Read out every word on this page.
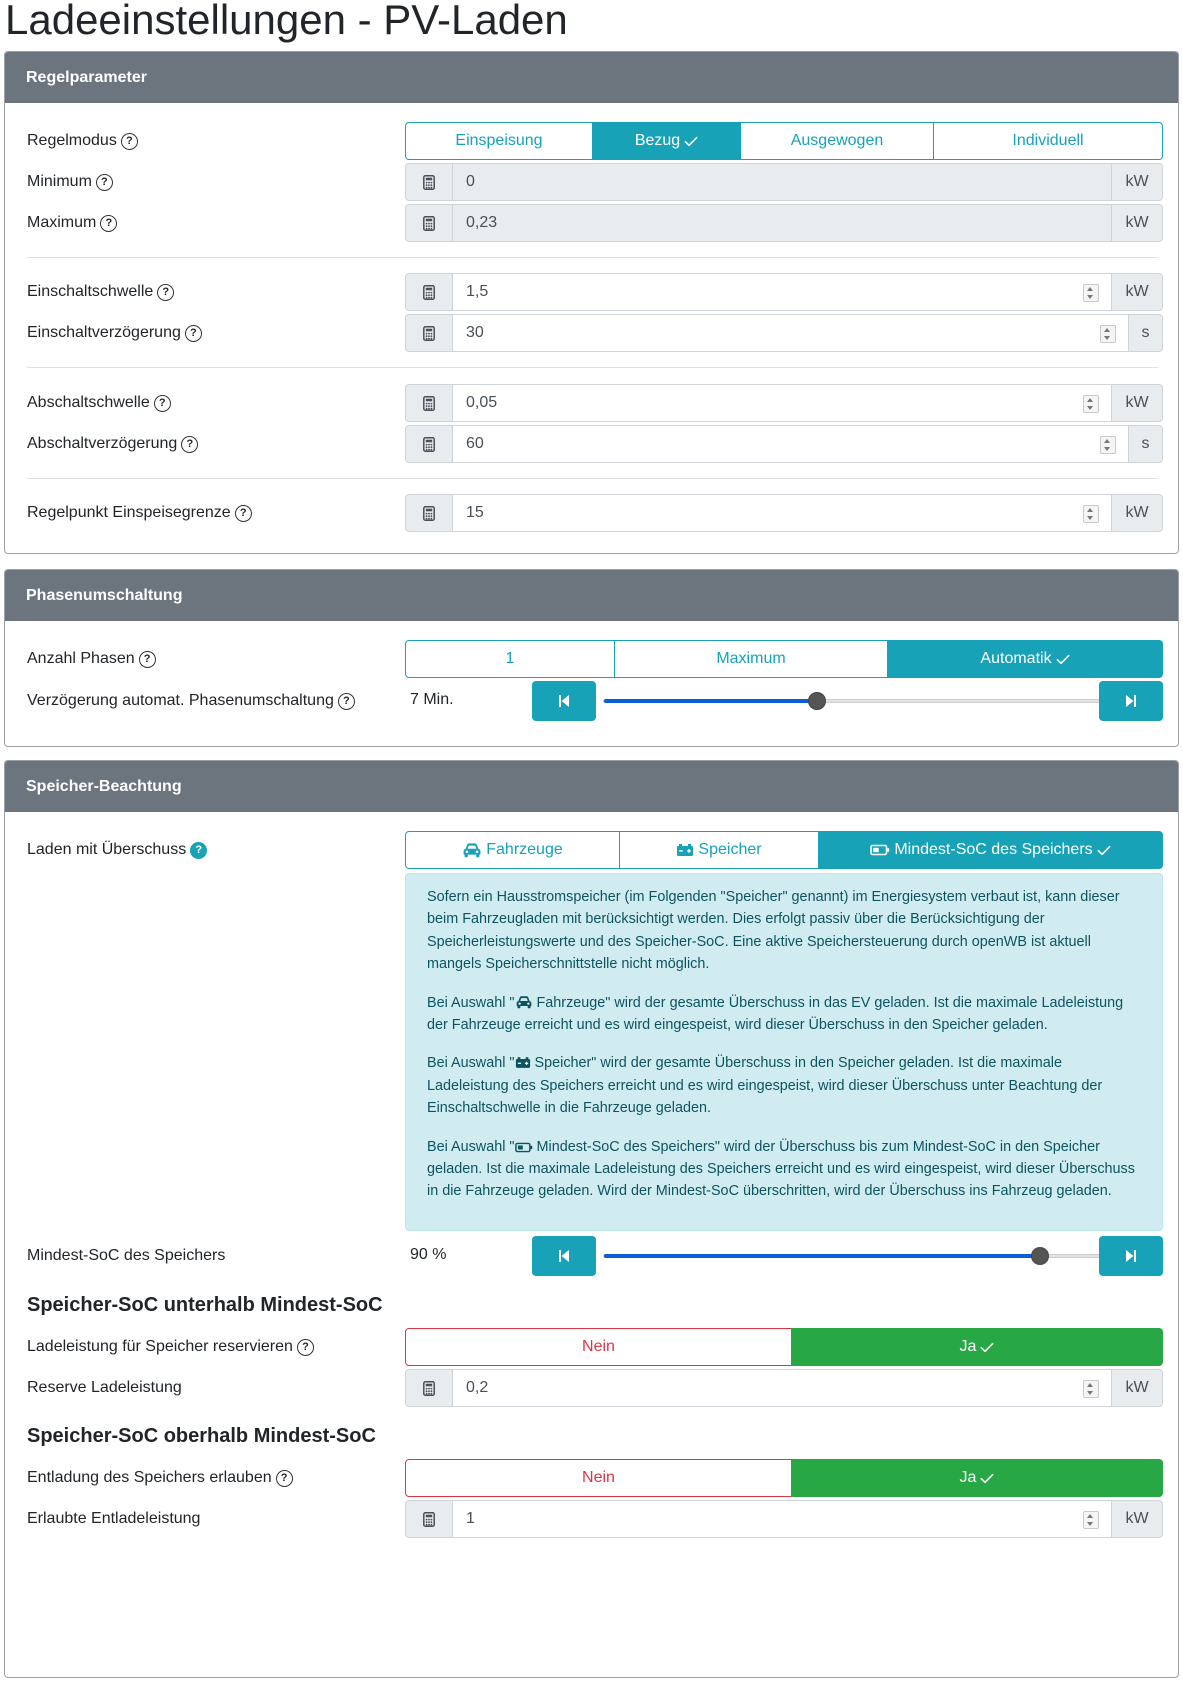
Ladeeinstellungen - PV-Laden
Regelparameter
Regelmodus ?	Einspeisung	Bezug	Ausgewogen	Individuell
Minimum ?	0	kW
Maximum ?	0,23	kW
Einschaltschwelle ?	1,5	kW
Einschaltverzögerung ?	30	s
Abschaltschwelle ?	0,05	kW
Abschaltverzögerung ?	60	s
Regelpunkt Einspeisegrenze ?	15	kW
Phasenumschaltung
Anzahl Phasen ?	1	Maximum	Automatik
Verzögerung automat. Phasenumschaltung ?	7 Min.
Speicher-Beachtung
Laden mit Überschuss ?	Fahrzeuge	Speicher	Mindest-SoC des Speichers

Sofern ein Hausstromspeicher (im Folgenden "Speicher" genannt) im Energiesystem verbaut ist, kann dieser beim Fahrzeugladen mit berücksichtigt werden. Dies erfolgt passiv über die Berücksichtigung der Speicherleistungswerte und des Speicher-SoC. Eine aktive Speichersteuerung durch openWB ist aktuell mangels Speicherschnittstelle nicht möglich.

Bei Auswahl " Fahrzeuge" wird der gesamte Überschuss in das EV geladen. Ist die maximale Ladeleistung der Fahrzeuge erreicht und es wird eingespeist, wird dieser Überschuss in den Speicher geladen.

Bei Auswahl " Speicher" wird der gesamte Überschuss in den Speicher geladen. Ist die maximale Ladeleistung des Speichers erreicht und es wird eingespeist, wird dieser Überschuss unter Beachtung der Einschaltschwelle in die Fahrzeuge geladen.

Bei Auswahl " Mindest-SoC des Speichers" wird der Überschuss bis zum Mindest-SoC in den Speicher geladen. Ist die maximale Ladeleistung des Speichers erreicht und es wird eingespeist, wird dieser Überschuss in die Fahrzeuge geladen. Wird der Mindest-SoC überschritten, wird der Überschuss ins Fahrzeug geladen.

Mindest-SoC des Speichers	90 %
Speicher-SoC unterhalb Mindest-SoC
Ladeleistung für Speicher reservieren ?	Nein	Ja
Reserve Ladeleistung	0,2	kW
Speicher-SoC oberhalb Mindest-SoC
Entladung des Speichers erlauben ?	Nein	Ja
Erlaubte Entladeleistung	1	kW
